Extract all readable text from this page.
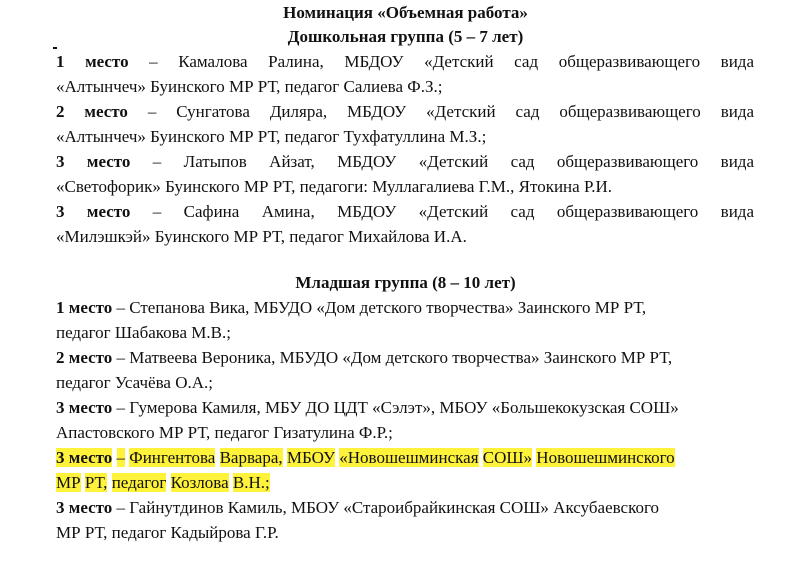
Номинация «Объемная работа»

Дошкольная группа (5 – 7 лет)

1 место – Камалова Ралина, МБДОУ «Детский сад общеразвивающего вида

«Алтынчеч» Буинского МР РТ, педагог Салиева Ф.З.;

2 место – Сунгатова Диляра, МБДОУ «Детский сад общеразвивающего вида

«Алтынчеч» Буинского МР РТ, педагог Тухфатуллина М.З.;

3 место – Латыпов Айзат, МБДОУ «Детский сад общеразвивающего вида

«Светофорик» Буинского МР РТ, педагоги: Муллагалиева Г.М., Ятокина Р.И.

3 место – Сафина Амина, МБДОУ «Детский сад общеразвивающего вида

«Милэшкэй» Буинского МР РТ, педагог Михайлова И.А.

Младшая группа (8 – 10 лет)

1 место – Степанова Вика, МБУДО «Дом детского творчества» Заинского МР РТ,

педагог Шабакова М.В.;

2 место – Матвеева Вероника, МБУДО «Дом детского творчества» Заинского МР РТ,

педагог Усачёва О.А.;

3 место – Гумерова Камиля, МБУ ДО ЦДТ «Сэлэт», МБОУ «Большекокузская СОШ»

Апастовского МР РТ, педагог Гизатулина Ф.Р.;

3 место – Фингентова Варвара, МБОУ «Новошешминская СОШ» Новошешминского

МР РТ, педагог Козлова В.Н.;

3 место – Гайнутдинов Камиль, МБОУ «Староибрайкинская СОШ» Аксубаевского

МР РТ, педагог Кадыйрова Г.Р.
